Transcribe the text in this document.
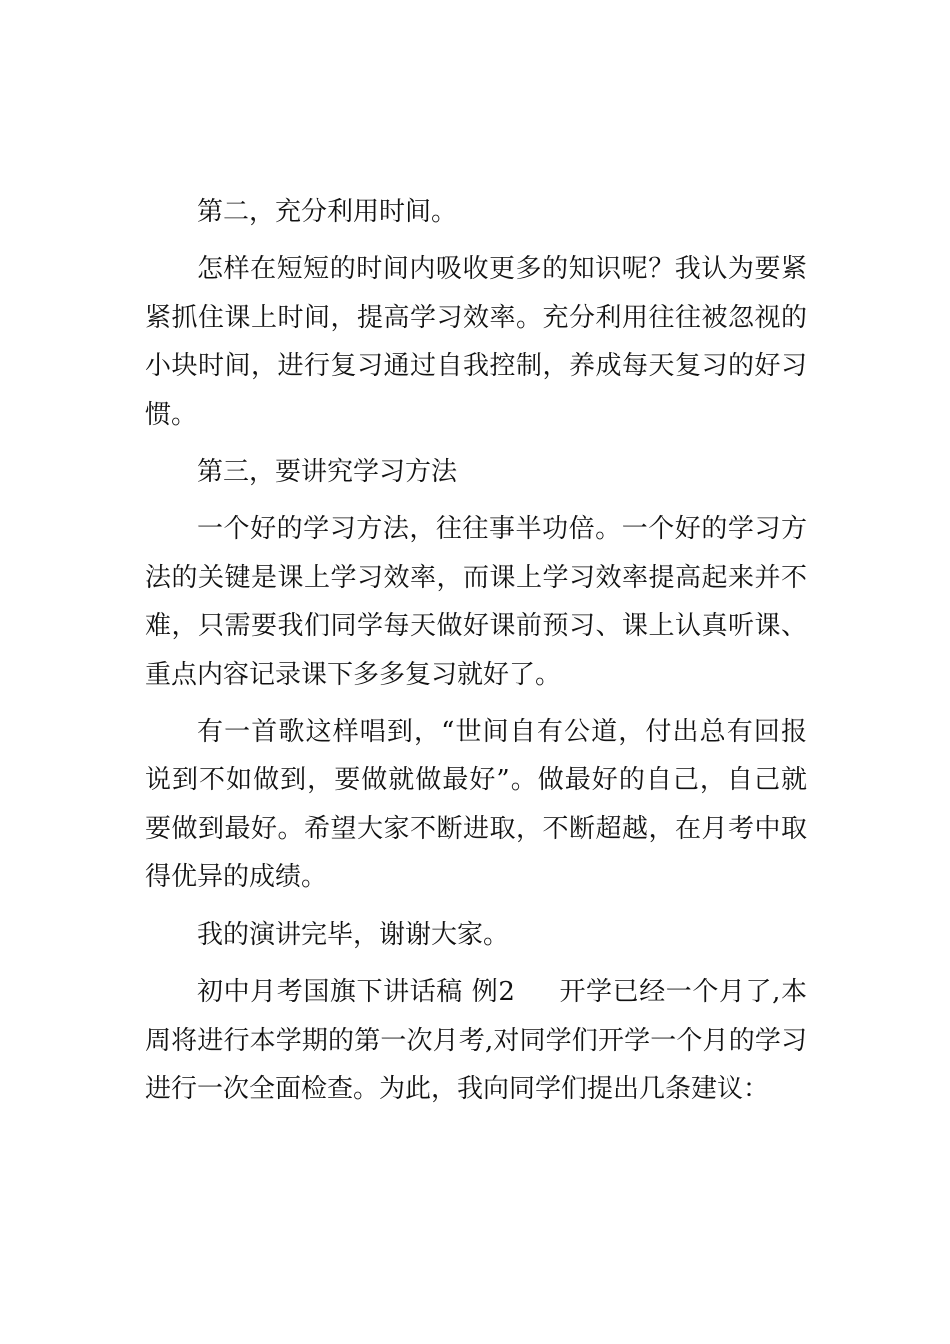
第二，充分利用时间。

怎样在短短的时间内吸收更多的知识呢？我认为要紧紧抓住课上时间，提高学习效率。充分利用往往被忽视的小块时间，进行复习通过自我控制，养成每天复习的好习惯。

第三，要讲究学习方法

一个好的学习方法，往往事半功倍。一个好的学习方法的关键是课上学习效率，而课上学习效率提高起来并不难，只需要我们同学每天做好课前预习、课上认真听课、重点内容记录课下多多复习就好了。

有一首歌这样唱到，“世间自有公道，付出总有回报说到不如做到，要做就做最好”。做最好的自己，自己就要做到最好。希望大家不断进取，不断超越，在月考中取得优异的成绩。

我的演讲完毕，谢谢大家。

初中月考国旗下讲话稿 例2 开学已经一个月了,本周将进行本学期的第一次月考,对同学们开学一个月的学习进行一次全面检查。为此，我向同学们提出几条建议：
